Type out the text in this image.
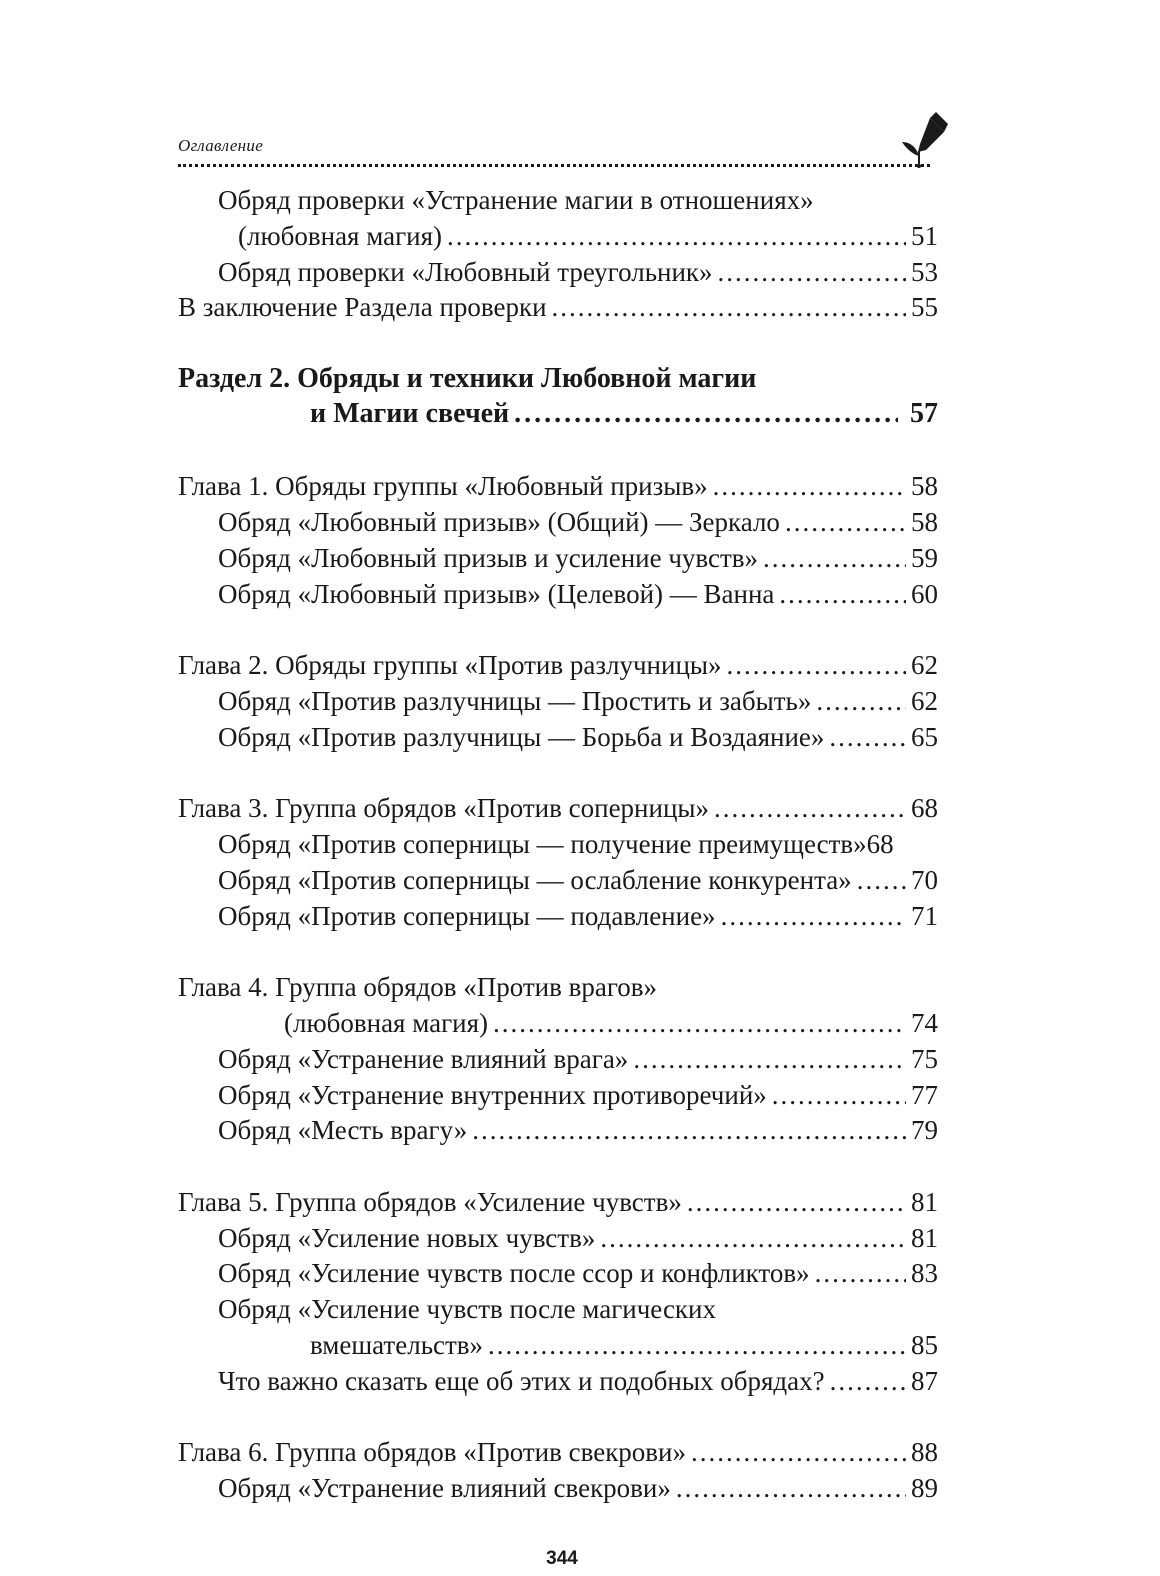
Оглавление
Обряд проверки «Устранение магии в отношениях»
(любовная магия) .....	51
Обряд проверки «Любовный треугольник» .....	53
В заключение Раздела проверки .....	55
Раздел 2. Обряды и техники Любовной магии
и Магии свечей .....	57
Глава 1. Обряды группы «Любовный призыв» .....	58
Обряд «Любовный призыв» (Общий) — Зеркало .....	58
Обряд «Любовный призыв и усиление чувств» .....	59
Обряд «Любовный призыв» (Целевой) — Ванна .....	60
Глава 2. Обряды группы «Против разлучницы» .....	62
Обряд «Против разлучницы — Простить и забыть» .....	62
Обряд «Против разлучницы — Борьба и Воздаяние» .....	65
Глава 3. Группа обрядов «Против соперницы» .....	68
Обряд «Против соперницы — получение преимуществ»68
Обряд «Против соперницы — ослабление конкурента» ..... 70
Обряд «Против соперницы — подавление» .....	71
Глава 4. Группа обрядов «Против врагов»
(любовная магия) .....	74
Обряд «Устранение влияний врага» .....	75
Обряд «Устранение внутренних противоречий» .....	77
Обряд «Месть врагу» .....	79
Глава 5. Группа обрядов «Усиление чувств» .....	81
Обряд «Усиление новых чувств» .....	81
Обряд «Усиление чувств после ссор и конфликтов» .....	83
Обряд «Усиление чувств после магических
вмешательств» .....	85
Что важно сказать еще об этих и подобных обрядах? .....	87
Глава 6. Группа обрядов «Против свекрови» .....	88
Обряд «Устранение влияний свекрови» .....	89
344
